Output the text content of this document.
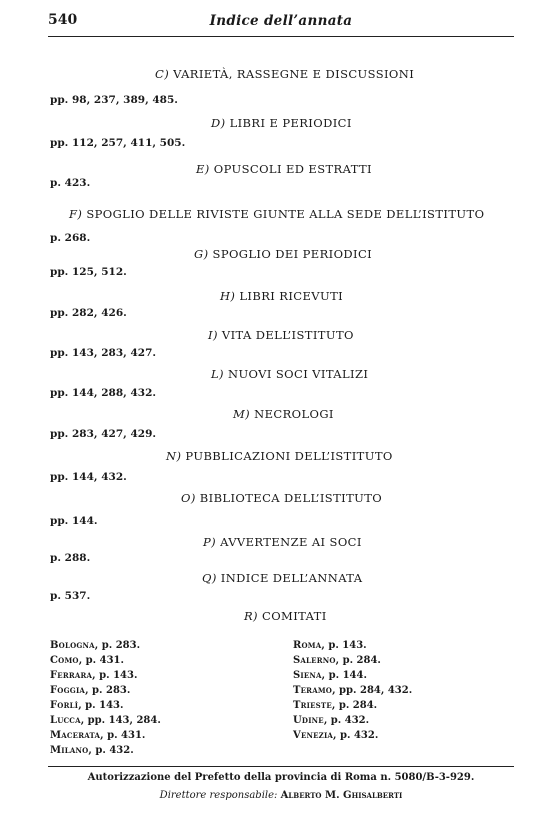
540	Indice dell’annata
C) VARIETÀ, RASSEGNE E DISCUSSIONI
pp. 98, 237, 389, 485.
D) LIBRI E PERIODICI
pp. 112, 257, 411, 505.
E) OPUSCOLI ED ESTRATTI
p. 423.
F) SPOGLIO DELLE RIVISTE GIUNTE ALLA SEDE DELL’ISTITUTO
p. 268.
G) SPOGLIO DEI PERIODICI
pp. 125, 512.
H) LIBRI RICEVUTI
pp. 282, 426.
I) VITA DELL’ISTITUTO
pp. 143, 283, 427.
L) NUOVI SOCI VITALIZI
pp. 144, 288, 432.
M) NECROLOGI
pp. 283, 427, 429.
N) PUBBLICAZIONI DELL’ISTITUTO
pp. 144, 432.
O) BIBLIOTECA DELL’ISTITUTO
pp. 144.
P) AVVERTENZE AI SOCI
p. 288.
Q) INDICE DELL’ANNATA
p. 537.
R) COMITATI
Bologna, p. 283.
Como, p. 431.
Ferrara, p. 143.
Foggia, p. 283.
Forlì, p. 143.
Lucca, pp. 143, 284.
Macerata, p. 431.
Milano, p. 432.
Roma, p. 143.
Salerno, p. 284.
Siena, p. 144.
Teramo, pp. 284, 432.
Trieste, p. 284.
Udine, p. 432.
Venezia, p. 432.
Autorizzazione del Prefetto della provincia di Roma n. 5080/B-3-929.
Direttore responsabile: Alberto M. Ghisalberti
